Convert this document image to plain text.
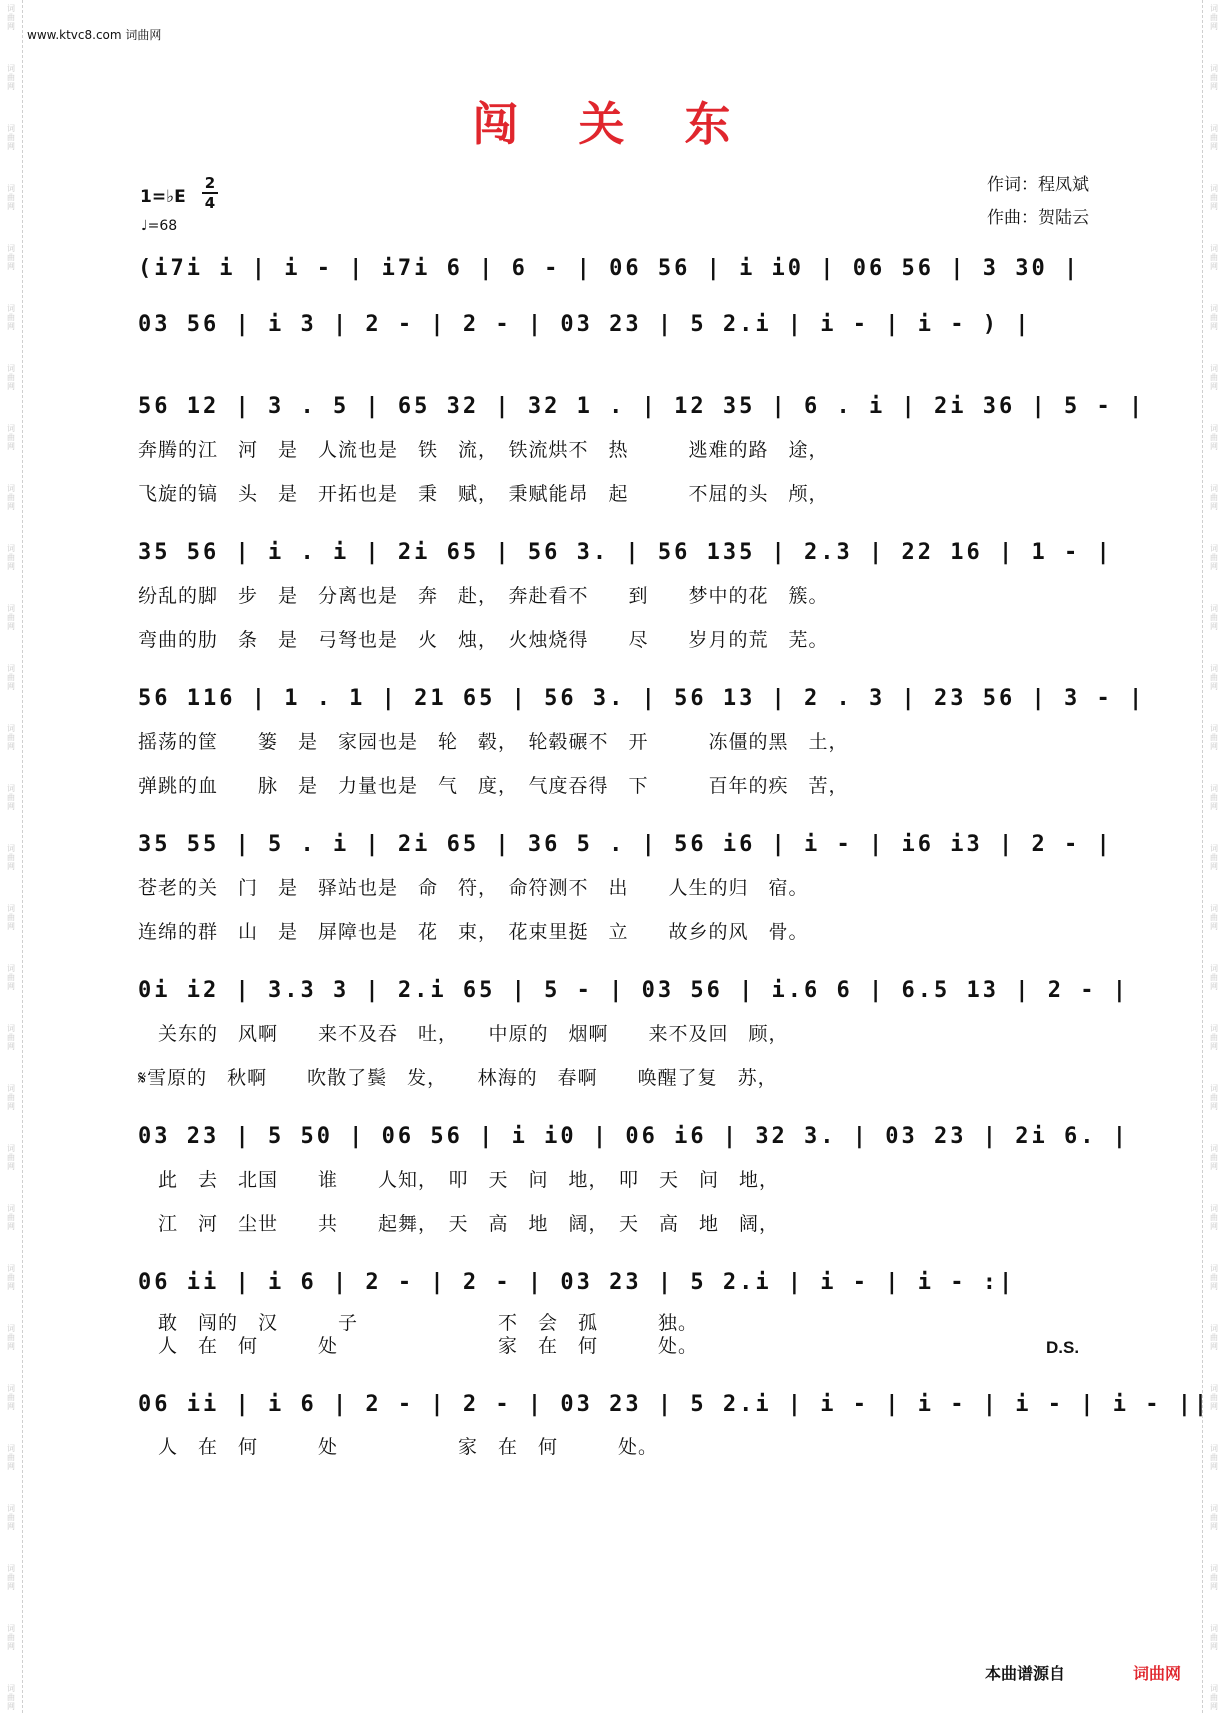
词
曲
网
词
曲
网
词
曲
网
词
曲
网
词
曲
网
词
曲
网
词
曲
网
词
曲
网
词
曲
网
词
曲
网
词
曲
网
词
曲
网
词
曲
网
词
曲
网
词
曲
网
词
曲
网
词
曲
网
词
曲
网
词
曲
网
词
曲
网
词
曲
网
词
曲
网
词
曲
网
词
曲
网
词
曲
网
词
曲
网
词
曲
网
词
曲
网
词
曲
网
词
曲
网
词
曲
网
词
曲
网
词
曲
网
词
曲
网
词
曲
网
词
曲
网
词
曲
网
词
曲
网
词
曲
网
词
曲
网
词
曲
网
词
曲
网
词
曲
网
词
曲
网
词
曲
网
词
曲
网
词
曲
网
词
曲
网
词
曲
网
词
曲
网
词
曲
网
词
曲
网
词
曲
网
词
曲
网
词
曲
网
词
曲
网
词
曲
网
词
曲
网
www.ktvc8.com 词曲网
闯 关 东
1=♭E
2
4
♩=68
作词：程凤斌
作曲：贺陆云
(i7i i | i - | i7i 6 | 6 - | 06 56 | i i0 | 06 56 | 3 30 |
03 56 | i 3 | 2 - | 2 - | 03 23 | 5 2.i | i - | i - ) |
56 12 | 3 . 5 | 65 32 | 32 1 . | 12 35 | 6 . i | 2i 36 | 5 - |
奔腾的江　河　是　人流也是　铁　流，　铁流烘不　热　　　逃难的路　途，
飞旋的镐　头　是　开拓也是　秉　赋，　秉赋能昂　起　　　不屈的头　颅，
35 56 | i . i | 2i 65 | 56 3. | 56 135 | 2.3 | 22 16 | 1 - |
纷乱的脚　步　是　分离也是　奔　赴，　奔赴看不　　到　　梦中的花　簇。
弯曲的肋　条　是　弓弩也是　火　烛，　火烛烧得　　尽　　岁月的荒　芜。
56 116 | 1 . 1 | 21 65 | 56 3. | 56 13 | 2 . 3 | 23 56 | 3 - |
摇荡的筐　　篓　是　家园也是　轮　毂，　轮毂碾不　开　　　冻僵的黑　土，
弹跳的血　　脉　是　力量也是　气　度，　气度吞得　下　　　百年的疾　苦，
35 55 | 5 . i | 2i 65 | 36 5 . | 56 i6 | i - | i6 i3 | 2 - |
苍老的关　门　是　驿站也是　命　符，　命符测不　出　　人生的归　宿。
连绵的群　山　是　屏障也是　花　束，　花束里挺　立　　故乡的风　骨。
0i i2 | 3.3 3 | 2.i 65 | 5 - | 03 56 | i.6 6 | 6.5 13 | 2 - |
　关东的　风啊　　来不及吞　吐，　　中原的　烟啊　　来不及回　顾，
𝄋雪原的　秋啊　　吹散了鬓　发，　　林海的　春啊　　唤醒了复　苏，
03 23 | 5 50 | 06 56 | i i0 | 06 i6 | 32 3. | 03 23 | 2i 6. |
　此　去　北国　　谁　　人知，　叩　天　问　地，　叩　天　问　地，
　江　河　尘世　　共　　起舞，　天　高　地　阔，　天　高　地　阔，
06 ii | i 6 | 2 - | 2 - | 03 23 | 5 2.i | i - | i - :|
　敢　闯的　汉　　　子　　　　　　　不　会　孤　　　独。
　人　在　何　　　处　　　　　　　　家　在　何　　　处。	D.S.
06 ii | i 6 | 2 - | 2 - | 03 23 | 5 2.i | i - | i - | i - | i - ||
　人　在　何　　　处　　　　　　家　在　何　　　处。
本曲谱源自	词曲网
